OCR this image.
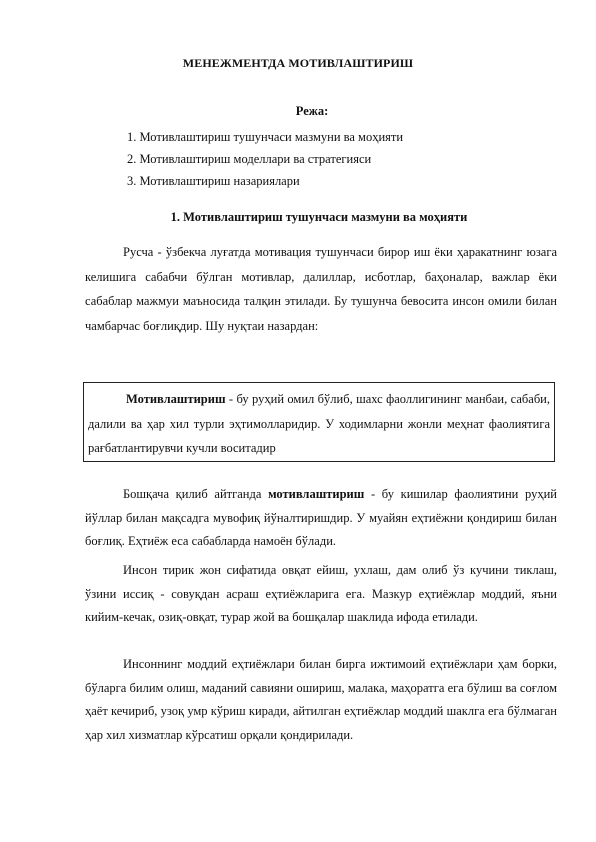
МЕНЕЖМЕНТДА МОТИВЛАШТИРИШ
Режа:
1. Мотивлаштириш тушунчаси мазмуни ва моҳияти
2. Мотивлаштириш моделлари ва стратегияси
3. Мотивлаштириш назариялари
1. Мотивлаштириш тушунчаси мазмуни ва моҳияти

Русча - ўзбекча луғатда мотивация тушунчаси бирор иш ёки ҳаракатнинг юзага келишига сабабчи бўлган мотивлар, далиллар, исботлар, баҳоналар, важлар ёки сабаблар мажмуи маъносида талқин этилади. Бу тушунча бевосита инсон омили билан чамбарчас боғлиқдир. Шу нуқтаи назардан:

Мотивлаштириш - бу руҳий омил бўлиб, шахс фаоллигининг манбаи, сабаби, далили ва ҳар хил турли эҳтимолларидир. У ходимларни жонли меҳнат фаолиятига рағбатлантирувчи кучли воситадир

Бошқача қилиб айтганда мотивлаштириш - бу кишилар фаолиятини руҳий йўллар билан мақсадга мувофиқ йўналтиришдир. У муайян еҳтиёжни қондириш билан боғлиқ. Еҳтиёж еса сабабларда намоён бўлади.

Инсон тирик жон сифатида овқат ейиш, ухлаш, дам олиб ўз кучини тиклаш, ўзини иссиқ - совуқдан асраш еҳтиёжларига ега. Мазкур еҳтиёжлар моддий, яъни кийим-кечак, озиқ-овқат, турар жой ва бошқалар шаклида ифода етилади.

Инсоннинг моддий еҳтиёжлари билан бирга ижтимоий еҳтиёжлари ҳам борки, бўларга билим олиш, маданий савияни ошириш, малака, маҳоратга ега бўлиш ва соғлом ҳаёт кечириб, узоқ умр кўриш киради, айтилган еҳтиёжлар моддий шаклга ега бўлмаган ҳар хил хизматлар кўрсатиш орқали қондирилади.
